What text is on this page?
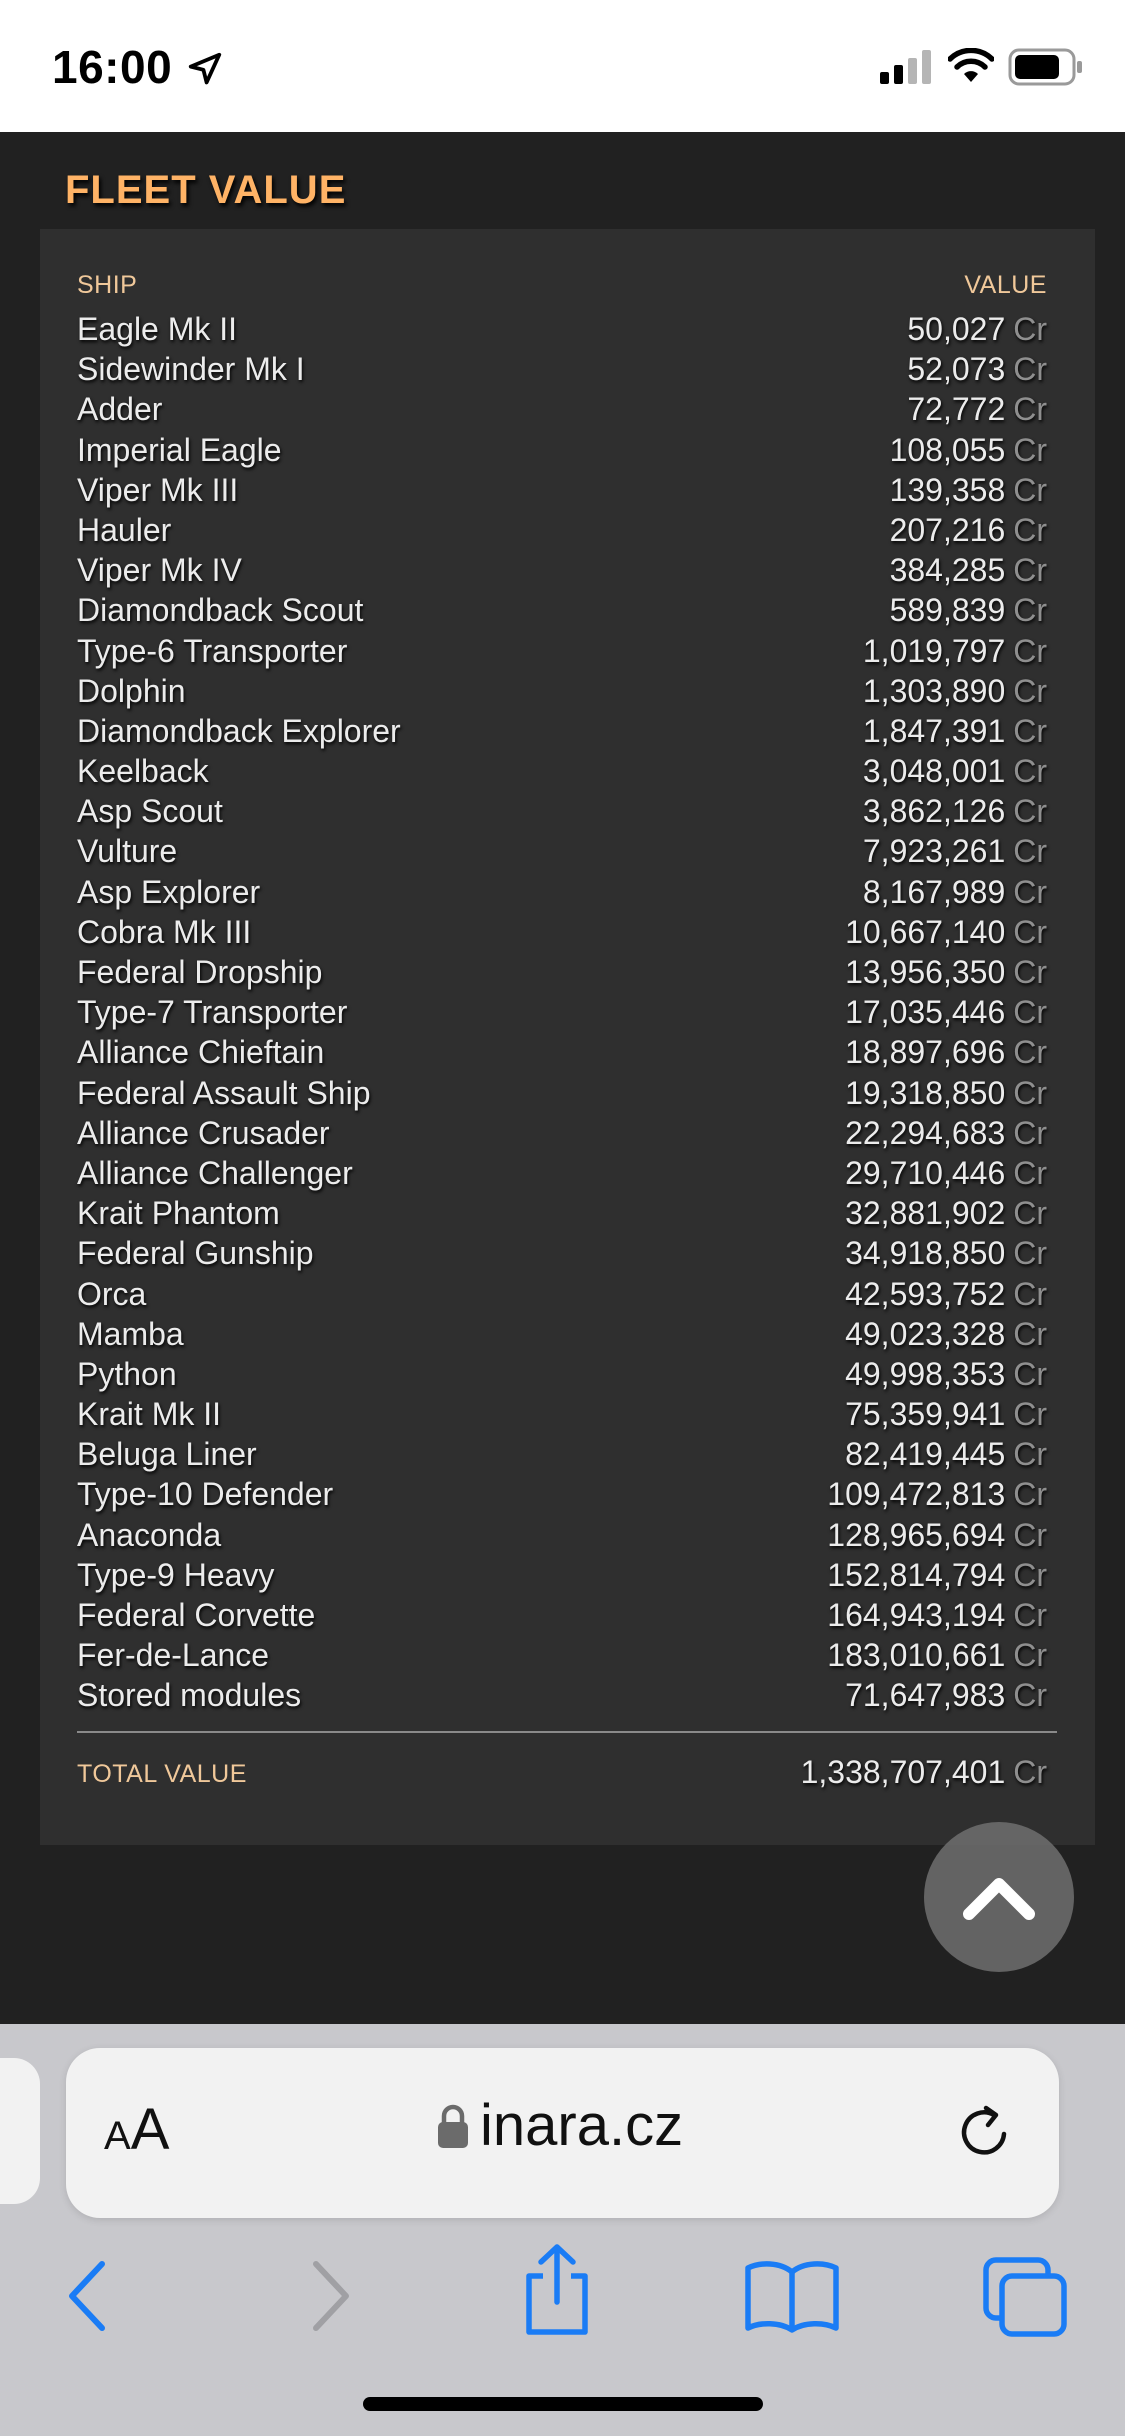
16:00
FLEET VALUE
SHIP	VALUE
Eagle Mk II	50,027 Cr
Sidewinder Mk I	52,073 Cr
Adder	72,772 Cr
Imperial Eagle	108,055 Cr
Viper Mk III	139,358 Cr
Hauler	207,216 Cr
Viper Mk IV	384,285 Cr
Diamondback Scout	589,839 Cr
Type-6 Transporter	1,019,797 Cr
Dolphin	1,303,890 Cr
Diamondback Explorer	1,847,391 Cr
Keelback	3,048,001 Cr
Asp Scout	3,862,126 Cr
Vulture	7,923,261 Cr
Asp Explorer	8,167,989 Cr
Cobra Mk III	10,667,140 Cr
Federal Dropship	13,956,350 Cr
Type-7 Transporter	17,035,446 Cr
Alliance Chieftain	18,897,696 Cr
Federal Assault Ship	19,318,850 Cr
Alliance Crusader	22,294,683 Cr
Alliance Challenger	29,710,446 Cr
Krait Phantom	32,881,902 Cr
Federal Gunship	34,918,850 Cr
Orca	42,593,752 Cr
Mamba	49,023,328 Cr
Python	49,998,353 Cr
Krait Mk II	75,359,941 Cr
Beluga Liner	82,419,445 Cr
Type-10 Defender	109,472,813 Cr
Anaconda	128,965,694 Cr
Type-9 Heavy	152,814,794 Cr
Federal Corvette	164,943,194 Cr
Fer-de-Lance	183,010,661 Cr
Stored modules	71,647,983 Cr
TOTAL VALUE	1,338,707,401 Cr
AA	inara.cz
